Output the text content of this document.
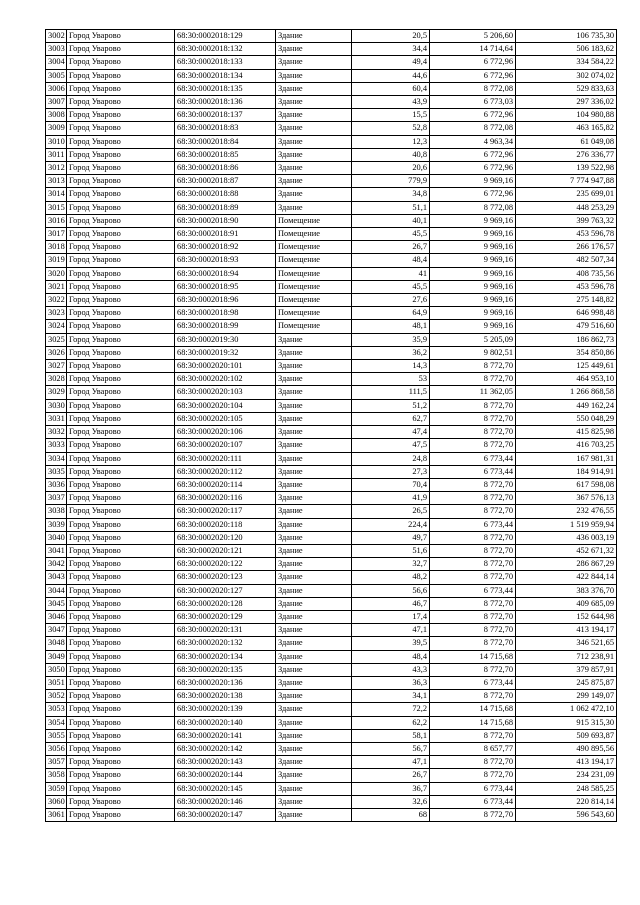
3002	Город Уварово	68:30:0002018:129	Здание	20,5	5 206,60	106 735,30
3003	Город Уварово	68:30:0002018:132	Здание	34,4	14 714,64	506 183,62
3004	Город Уварово	68:30:0002018:133	Здание	49,4	6 772,96	334 584,22
3005	Город Уварово	68:30:0002018:134	Здание	44,6	6 772,96	302 074,02
3006	Город Уварово	68:30:0002018:135	Здание	60,4	8 772,08	529 833,63
3007	Город Уварово	68:30:0002018:136	Здание	43,9	6 773,03	297 336,02
3008	Город Уварово	68:30:0002018:137	Здание	15,5	6 772,96	104 980,88
3009	Город Уварово	68:30:0002018:83	Здание	52,8	8 772,08	463 165,82
3010	Город Уварово	68:30:0002018:84	Здание	12,3	4 963,34	61 049,08
3011	Город Уварово	68:30:0002018:85	Здание	40,8	6 772,96	276 336,77
3012	Город Уварово	68:30:0002018:86	Здание	20,6	6 772,96	139 522,98
3013	Город Уварово	68:30:0002018:87	Здание	779,9	9 969,16	7 774 947,88
3014	Город Уварово	68:30:0002018:88	Здание	34,8	6 772,96	235 699,01
3015	Город Уварово	68:30:0002018:89	Здание	51,1	8 772,08	448 253,29
3016	Город Уварово	68:30:0002018:90	Помещение	40,1	9 969,16	399 763,32
3017	Город Уварово	68:30:0002018:91	Помещение	45,5	9 969,16	453 596,78
3018	Город Уварово	68:30:0002018:92	Помещение	26,7	9 969,16	266 176,57
3019	Город Уварово	68:30:0002018:93	Помещение	48,4	9 969,16	482 507,34
3020	Город Уварово	68:30:0002018:94	Помещение	41	9 969,16	408 735,56
3021	Город Уварово	68:30:0002018:95	Помещение	45,5	9 969,16	453 596,78
3022	Город Уварово	68:30:0002018:96	Помещение	27,6	9 969,16	275 148,82
3023	Город Уварово	68:30:0002018:98	Помещение	64,9	9 969,16	646 998,48
3024	Город Уварово	68:30:0002018:99	Помещение	48,1	9 969,16	479 516,60
3025	Город Уварово	68:30:0002019:30	Здание	35,9	5 205,09	186 862,73
3026	Город Уварово	68:30:0002019:32	Здание	36,2	9 802,51	354 850,86
3027	Город Уварово	68:30:0002020:101	Здание	14,3	8 772,70	125 449,61
3028	Город Уварово	68:30:0002020:102	Здание	53	8 772,70	464 953,10
3029	Город Уварово	68:30:0002020:103	Здание	111,5	11 362,05	1 266 868,58
3030	Город Уварово	68:30:0002020:104	Здание	51,2	8 772,70	449 162,24
3031	Город Уварово	68:30:0002020:105	Здание	62,7	8 772,70	550 048,29
3032	Город Уварово	68:30:0002020:106	Здание	47,4	8 772,70	415 825,98
3033	Город Уварово	68:30:0002020:107	Здание	47,5	8 772,70	416 703,25
3034	Город Уварово	68:30:0002020:111	Здание	24,8	6 773,44	167 981,31
3035	Город Уварово	68:30:0002020:112	Здание	27,3	6 773,44	184 914,91
3036	Город Уварово	68:30:0002020:114	Здание	70,4	8 772,70	617 598,08
3037	Город Уварово	68:30:0002020:116	Здание	41,9	8 772,70	367 576,13
3038	Город Уварово	68:30:0002020:117	Здание	26,5	8 772,70	232 476,55
3039	Город Уварово	68:30:0002020:118	Здание	224,4	6 773,44	1 519 959,94
3040	Город Уварово	68:30:0002020:120	Здание	49,7	8 772,70	436 003,19
3041	Город Уварово	68:30:0002020:121	Здание	51,6	8 772,70	452 671,32
3042	Город Уварово	68:30:0002020:122	Здание	32,7	8 772,70	286 867,29
3043	Город Уварово	68:30:0002020:123	Здание	48,2	8 772,70	422 844,14
3044	Город Уварово	68:30:0002020:127	Здание	56,6	6 773,44	383 376,70
3045	Город Уварово	68:30:0002020:128	Здание	46,7	8 772,70	409 685,09
3046	Город Уварово	68:30:0002020:129	Здание	17,4	8 772,70	152 644,98
3047	Город Уварово	68:30:0002020:131	Здание	47,1	8 772,70	413 194,17
3048	Город Уварово	68:30:0002020:132	Здание	39,5	8 772,70	346 521,65
3049	Город Уварово	68:30:0002020:134	Здание	48,4	14 715,68	712 238,91
3050	Город Уварово	68:30:0002020:135	Здание	43,3	8 772,70	379 857,91
3051	Город Уварово	68:30:0002020:136	Здание	36,3	6 773,44	245 875,87
3052	Город Уварово	68:30:0002020:138	Здание	34,1	8 772,70	299 149,07
3053	Город Уварово	68:30:0002020:139	Здание	72,2	14 715,68	1 062 472,10
3054	Город Уварово	68:30:0002020:140	Здание	62,2	14 715,68	915 315,30
3055	Город Уварово	68:30:0002020:141	Здание	58,1	8 772,70	509 693,87
3056	Город Уварово	68:30:0002020:142	Здание	56,7	8 657,77	490 895,56
3057	Город Уварово	68:30:0002020:143	Здание	47,1	8 772,70	413 194,17
3058	Город Уварово	68:30:0002020:144	Здание	26,7	8 772,70	234 231,09
3059	Город Уварово	68:30:0002020:145	Здание	36,7	6 773,44	248 585,25
3060	Город Уварово	68:30:0002020:146	Здание	32,6	6 773,44	220 814,14
3061	Город Уварово	68:30:0002020:147	Здание	68	8 772,70	596 543,60
